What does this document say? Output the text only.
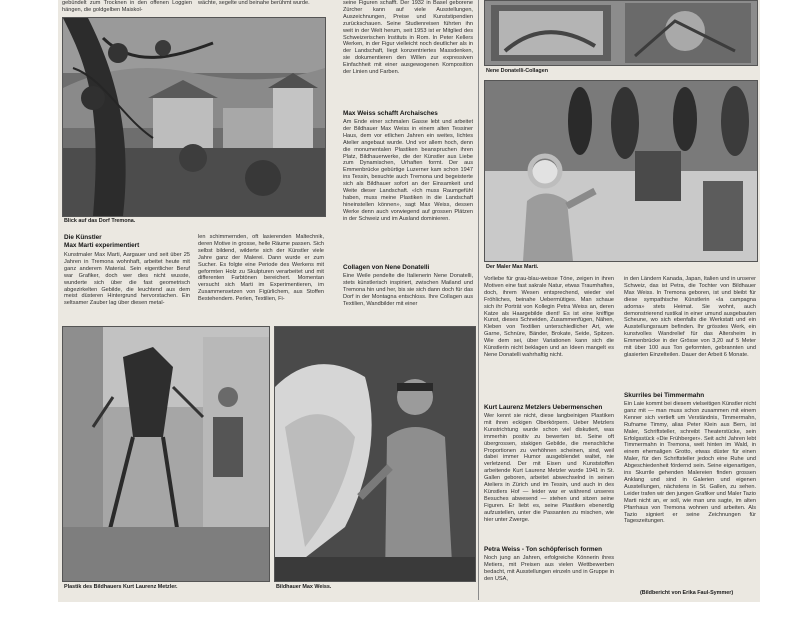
gebündelt zum Trocknen in den offenen Loggien hängen, die goldgelben Maiskol-

Blick auf das Dorf Tremona.

Die Künstler

Max Marti experimentiert

Kunstmaler Max Marti, Aargauer und seit über 25 Jahren in Tremona wohnhaft, arbeitet heute mit ganz anderem Material. Sein eigentlicher Beruf war Grafiker, doch wer dies nicht wusste, wunderte sich über die fast geometrisch abgezirkelten Gebilde, die leuchtend aus dem meist düsteren Hintergrund hervorstachen. Ein seltsamer Zauber lag über diesen metal-

wächte, segelte und beinahe berühmt wurde.

len schimmernden, oft lasierenden Maltechnik, deren Motive in grosse, helle Räume passen. Sich selbst bildend, wilderte sich der Künstler viele Jahre ganz der Malerei. Dann wurde er zum Sucher. Es folgte eine Periode des Werkens mit geformten Holz zu Skulpturen verarbeitet und mit differenten Farbtönen bereichert. Momentan versucht sich Marti im Experimentieren, im Zusammensetzen von Figürlichem, aus Stoffen Bestehendem. Perlen, Textilien, Fi-

seine Figuren schafft. Der 1932 in Basel geborene Zürcher kann auf viele Ausstellungen, Auszeichnungen, Preise und Kunststipendien zurückschauen. Seine Studienreisen führten ihn weit in der Welt herum, seit 1953 ist er Mitglied des Schweizerischen Instituts in Rom. In Peter Kellers Werken, in der Figur vielleicht noch deutlicher als in der Landschaft, liegt konzentriertes Massdenken, sie dokumentieren den Willen zur expressiven Einfachheit mit einer ausgewogenen Komposition der Linien und Farben.

Max Weiss schafft Archaisches

Am Ende einer schmalen Gasse lebt und arbeitet der Bildhauer Max Weiss in einem alten Tessiner Haus, dem vor etlichen Jahren ein weites, lichtes Atelier angebaut wurde. Und vor allem hoch, denn die monumentalen Plastiken beanspruchen ihren Platz, Bildhauerwerke, die der Künstler aus Liebe zum Dynamischen, Urhaften formt. Der aus Emmenbrücke gebürtige Luzerner kam schon 1947 ins Tessin, besuchte auch Tremona und begeisterte sich als Bildhauer sofort an der Einsamkeit und Weite dieser Landschaft. «Ich muss Raumgefühl haben, muss meine Plastiken in die Landschaft hineinstellen können», sagt Max Weiss, dessen Werke denn auch vorwiegend auf grossen Plätzen in der Schweiz und im Ausland dominieren.

Collagen von Nene Donatelli

Eine Weile pendelte die Italienerin Nene Donatelli, stets künstlerisch inspiriert, zwischen Mailand und Tremona hin und her, bis sie sich dann doch für das Dorf in der Montagna entschloss. Ihre Collagen aus Textilien, Wandbilder mit einer

Nene Donatelli-Collagen

Der Maler Max Marti.

Vorliebe für grau-blau-weisse Töne, zeigen in ihren Motiven eine fast sakrale Natur, etwas Traumhaftes, doch, ihrem Wesen entsprechend, wieder viel Fröhliches, beinahe Uebermütiges. Man schaue sich ihr Porträt von Kollegin Petra Weiss an, deren Katze als Haargebilde dient! Es ist eine kniffige Kunst, dieses Schneiden, Zusammenfügen, Nähen, Kleben von Textilien unterschiedlicher Art, wie Garne, Schnüre, Bänder, Brokate, Seide, Spitzen. Wie dem sei, über Variationen kann sich die Künstlerin nicht beklagen und an Ideen mangelt es Nene Donatelli wahrhaftig nicht.

Kurt Laurenz Metzlers Uebermenschen

Wer kennt sie nicht, diese langbeinigen Plastiken mit ihren eckigen Oberkörpern. Ueber Metzlers Kunstrichtung wurde schon viel diskutiert, was immerhin positiv zu bewerten ist. Seine oft übergrossen, stakigen Gebilde, die menschliche Proportionen zu verhöhnen scheinen, sind, weil dabei immer Humor ausgeblendet waltet, nie verletzend. Der mit Eisen und Kunststoffen arbeitende Kurt Laurenz Metzler wurde 1941 in St. Gallen geboren, arbeitet abwechselnd in seinen Ateliers in Zürich und im Tessin, und auch in des Künstlers Hof — leider war er während unseres Besuches abwesend — stehen und sitzen seine Figuren. Er liebt es, seine Plastiken ebenerdig aufzustellen, unter die Passanten zu mischen, wie hier unter Zwerge.

Petra Weiss - Ton schöpferisch formen

Noch jung an Jahren, erfolgreiche Könnerin ihres Metiers, mit Preisen aus vielen Wettbewerben bedacht, mit Ausstellungen einzeln und in Gruppe in den USA,

in den Ländern Kanada, Japan, Italien und in unserer Schweiz, das ist Petra, die Tochter von Bildhauer Max Weiss. In Tremona geboren, ist und bleibt für diese sympathische Künstlerin «la campagna adorna» stets Heimat. Sie wohnt, auch demonstrierend rustikal in einer umund ausgebauten Scheune, wo sich ebenfalls die Werkstatt und ein Ausstellungsraum befinden. Ihr grösstes Werk, ein kunstvolles Wandrelief für das Altersheim in Emmenbrücke in der Grösse von 3,20 auf 5 Meter mit über 100 aus Ton geformten, gebrannten und glasierten Einzelteilen. Dauer der Arbeit 6 Monate.

Skurriles bei Timmermahn

Ein Laie kommt bei diesem vielseitigen Künstler nicht ganz mit — man muss schon zusammen mit einem Kenner sich vertieft um Verständnis, Timmermahn, Rufname Timmy, alias Peter Klein aus Bern, ist Maler, Schriftsteller, schreibt Theaterstücke, sein Erfolgsstück «Die Frühberger». Seit acht Jahren lebt Timmermahn in Tremona, weit hinten im Wald, in einem ehemaligen Grotto, etwas düster für einen Maler, für den Schriftsteller jedoch eine Ruhe und Abgeschiedenheit fördernd sein. Seine eigenartigen, ins Skurrile gehenden Malereien finden grossen Anklang und sind in Galerien und eigenen Ausstellungen, nächstens in St. Gallen, zu sehen. Leider trafen wir den jungen Grafiker und Maler Tazio Marti nicht an, er soll, wie man uns sagte, im alten Pfarrhaus von Tremona wohnen und arbeiten. Als Tazio signiert er seine Zeichnungen für Tageszeitungen.

(Bildbericht von Erika Faul-Symmer)

Plastik des Bildhauers Kurt Laurenz Metzler.	Bildhauer Max Weiss.
